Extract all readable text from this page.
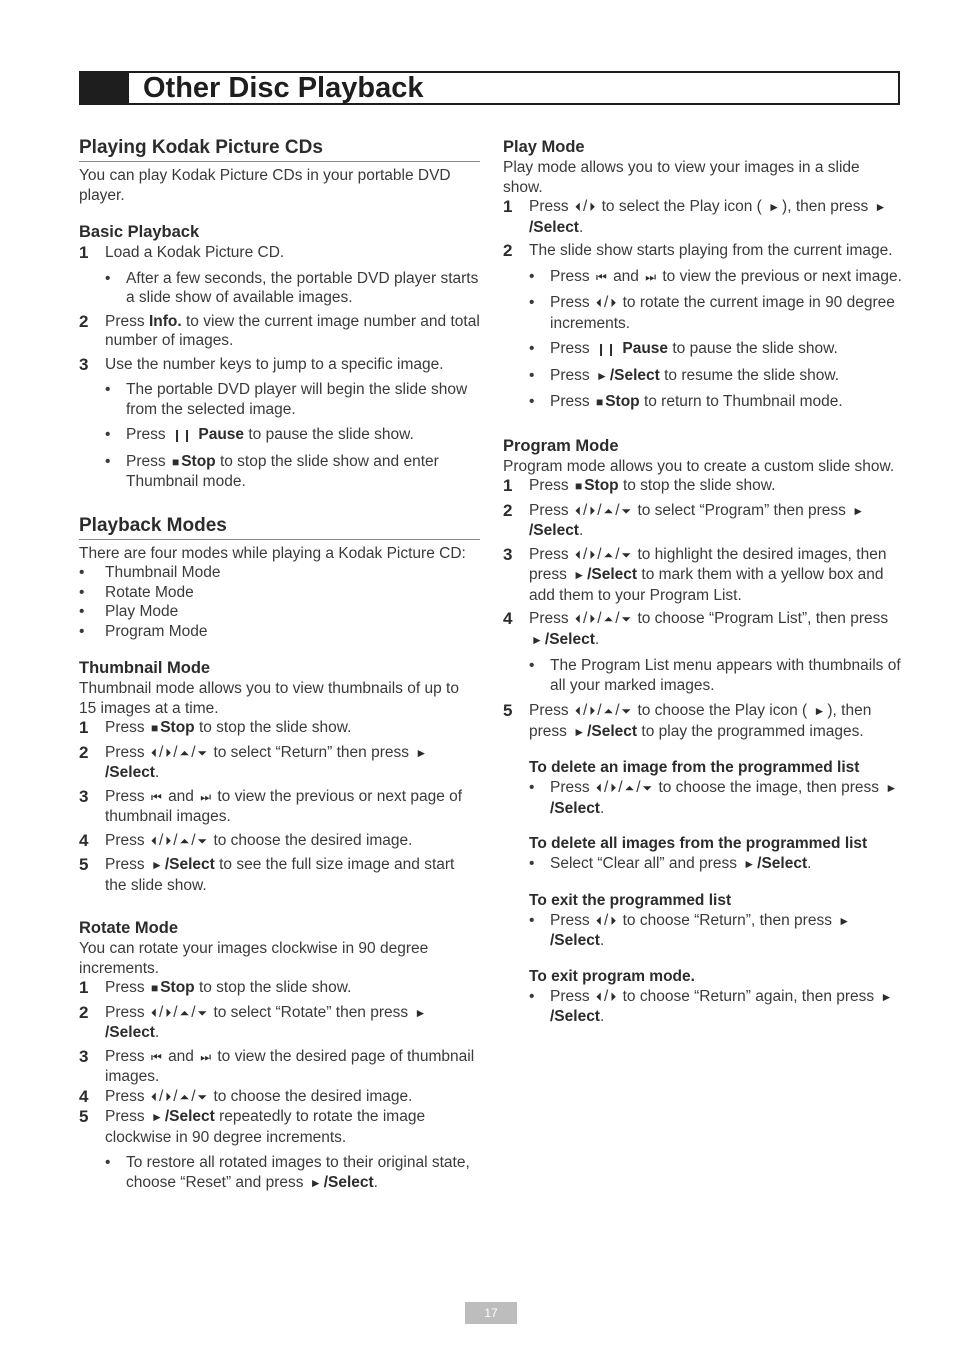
Other Disc Playback
Playing Kodak Picture CDs

You can play Kodak Picture CDs in your portable DVD player.

Basic Playback
1	Load a Kodak Picture CD.
•	After a few seconds, the portable DVD player starts a slide show of available images.
2	Press Info. to view the current image number and total number of images.
3	Use the number keys to jump to a specific image.
•	The portable DVD player will begin the slide show from the selected image.
•	Press ❙❙ Pause to pause the slide show.
•	Press ■ Stop to stop the slide show and enter Thumbnail mode.
Playback Modes

There are four modes while playing a Kodak Picture CD:

•	Thumbnail Mode
•	Rotate Mode
•	Play Mode
•	Program Mode
Thumbnail Mode

Thumbnail mode allows you to view thumbnails of up to 15 images at a time.

1	Press ■ Stop to stop the slide show.
2	Press ⏴ / ⏵ / ⏶ / ⏷ to select “Return” then press ►/Select.
3	Press ⏮ and ⏭ to view the previous or next page of thumbnail images.
4	Press ⏴ / ⏵ / ⏶ / ⏷ to choose the desired image.
5	Press ► /Select to see the full size image and start the slide show.
Rotate Mode

You can rotate your images clockwise in 90 degree increments.

1	Press ■ Stop to stop the slide show.
2	Press ⏴ / ⏵ / ⏶ / ⏷ to select “Rotate” then press ►/Select.
3	Press ⏮ and ⏭ to view the desired page of thumbnail images.
4	Press ⏴ / ⏵ / ⏶ / ⏷ to choose the desired image.
5	Press ► /Select repeatedly to rotate the image clockwise in 90 degree increments.
•	To restore all rotated images to their original state, choose “Reset” and press ► /Select.
Play Mode

Play mode allows you to view your images in a slide show.

1	Press ⏴ / ⏵ to select the Play icon ( ► ), then press ►/Select.
2	The slide show starts playing from the current image.
•	Press ⏮ and ⏭ to view the previous or next image.
•	Press ⏴ / ⏵ to rotate the current image in 90 degree increments.
•	Press ❙❙ Pause to pause the slide show.
•	Press ► /Select to resume the slide show.
•	Press ■ Stop to return to Thumbnail mode.
Program Mode

Program mode allows you to create a custom slide show.

1	Press ■ Stop to stop the slide show.
2	Press ⏴ / ⏵ / ⏶ / ⏷ to select “Program” then press ►/Select.
3	Press ⏴ / ⏵ / ⏶ / ⏷ to highlight the desired images, then press ► /Select to mark them with a yellow box and add them to your Program List.
4	Press ⏴ / ⏵ / ⏶ / ⏷ to choose “Program List”, then press ► /Select.
•	The Program List menu appears with thumbnails of all your marked images.
5	Press ⏴ / ⏵ / ⏶ / ⏷ to choose the Play icon ( ► ), then press ► /Select to play the programmed images.
To delete an image from the programmed list
•	Press ⏴ / ⏵ / ⏶ / ⏷ to choose the image, then press ►/Select.
To delete all images from the programmed list
•	Select “Clear all” and press ► /Select.
To exit the programmed list
•	Press ⏴ / ⏵ to choose “Return”, then press ►/Select.
To exit program mode.
•	Press ⏴ / ⏵ to choose “Return” again, then press ►/Select.
17
